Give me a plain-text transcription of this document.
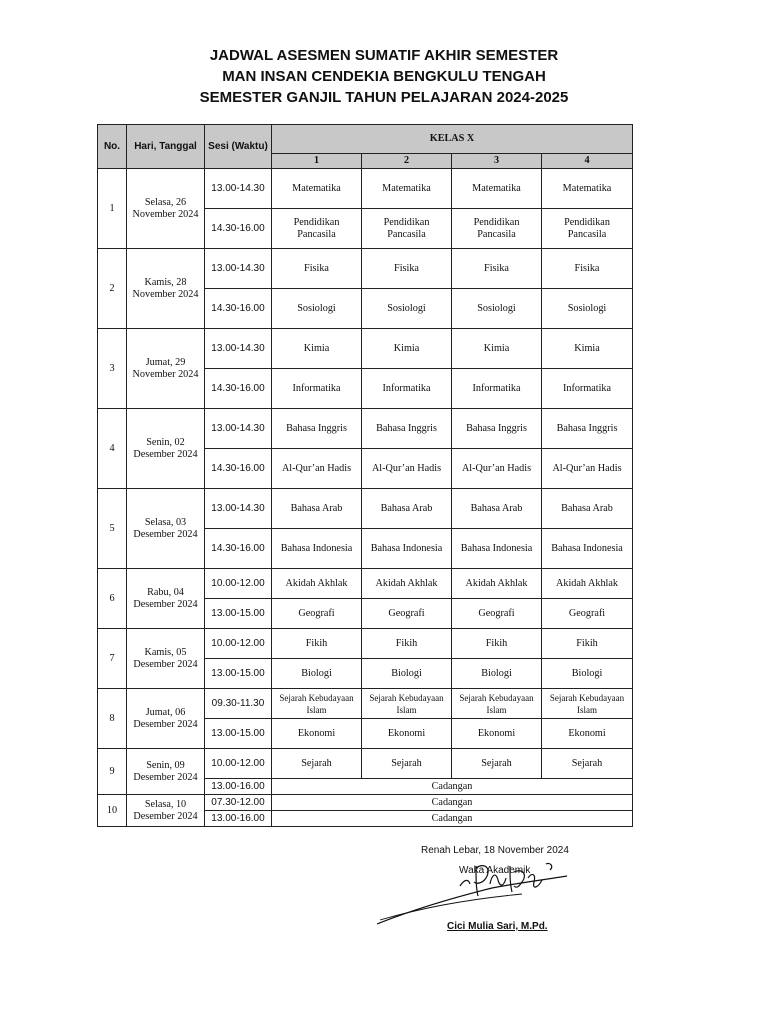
JADWAL ASESMEN SUMATIF AKHIR SEMESTER
MAN INSAN CENDEKIA BENGKULU TENGAH
SEMESTER GANJIL TAHUN PELAJARAN 2024-2025
No.	Hari, Tanggal	Sesi (Waktu)	KELAS X			
			1	2	3	4
1	Selasa, 26 November 2024	13.00-14.30	Matematika	Matematika	Matematika	Matematika
		14.30-16.00	Pendidikan Pancasila	Pendidikan Pancasila	Pendidikan Pancasila	Pendidikan Pancasila
2	Kamis, 28 November 2024	13.00-14.30	Fisika	Fisika	Fisika	Fisika
		14.30-16.00	Sosiologi	Sosiologi	Sosiologi	Sosiologi
3	Jumat, 29 November 2024	13.00-14.30	Kimia	Kimia	Kimia	Kimia
		14.30-16.00	Informatika	Informatika	Informatika	Informatika
4	Senin, 02 Desember 2024	13.00-14.30	Bahasa Inggris	Bahasa Inggris	Bahasa Inggris	Bahasa Inggris
		14.30-16.00	Al-Qur’an Hadis	Al-Qur’an Hadis	Al-Qur’an Hadis	Al-Qur’an Hadis
5	Selasa, 03 Desember 2024	13.00-14.30	Bahasa Arab	Bahasa Arab	Bahasa Arab	Bahasa Arab
		14.30-16.00	Bahasa Indonesia	Bahasa Indonesia	Bahasa Indonesia	Bahasa Indonesia
6	Rabu, 04 Desember 2024	10.00-12.00	Akidah Akhlak	Akidah Akhlak	Akidah Akhlak	Akidah Akhlak
		13.00-15.00	Geografi	Geografi	Geografi	Geografi
7	Kamis, 05 Desember 2024	10.00-12.00	Fikih	Fikih	Fikih	Fikih
		13.00-15.00	Biologi	Biologi	Biologi	Biologi
8	Jumat, 06 Desember 2024	09.30-11.30	Sejarah Kebudayaan Islam	Sejarah Kebudayaan Islam	Sejarah Kebudayaan Islam	Sejarah Kebudayaan Islam
		13.00-15.00	Ekonomi	Ekonomi	Ekonomi	Ekonomi
9	Senin, 09 Desember 2024	10.00-12.00	Sejarah	Sejarah	Sejarah	Sejarah
		13.00-16.00	Cadangan			
10	Selasa, 10 Desember 2024	07.30-12.00	Cadangan			
		13.00-16.00	Cadangan			
Renah Lebar, 18 November 2024
Waka Akademik
Cici Mulia Sari, M.Pd.
